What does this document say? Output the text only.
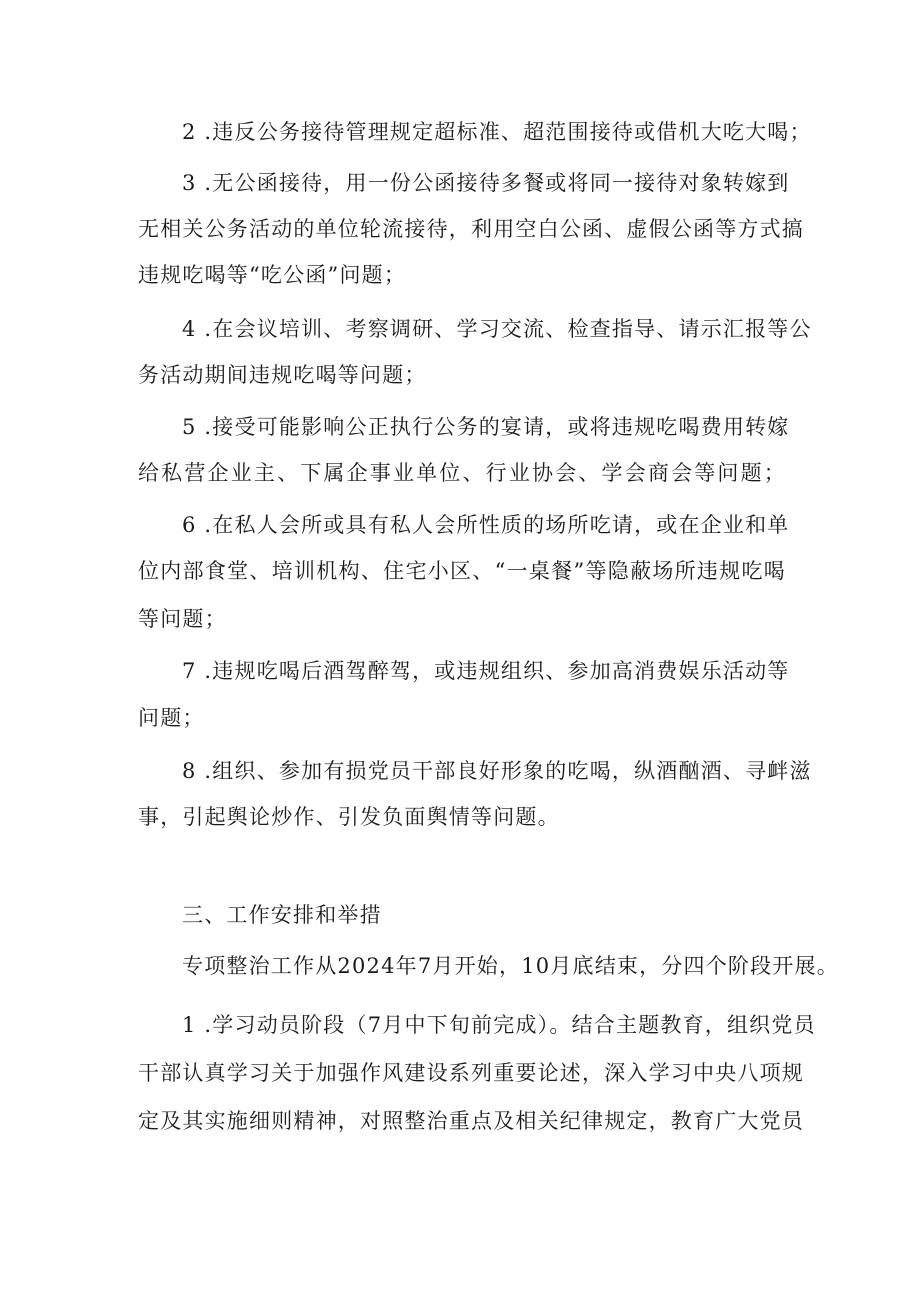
2 .违反公务接待管理规定超标准、超范围接待或借机大吃大喝；
3 .无公函接待，用一份公函接待多餐或将同一接待对象转嫁到
无相关公务活动的单位轮流接待，利用空白公函、虚假公函等方式搞
违规吃喝等“吃公函”问题；
4 .在会议培训、考察调研、学习交流、检查指导、请示汇报等公
务活动期间违规吃喝等问题；
5 .接受可能影响公正执行公务的宴请，或将违规吃喝费用转嫁
给私营企业主、下属企事业单位、行业协会、学会商会等问题；
6 .在私人会所或具有私人会所性质的场所吃请，或在企业和单
位内部食堂、培训机构、住宅小区、“一桌餐”等隐蔽场所违规吃喝
等问题；
7 .违规吃喝后酒驾醉驾，或违规组织、参加高消费娱乐活动等
问题；
8 .组织、参加有损党员干部良好形象的吃喝，纵酒酗酒、寻衅滋
事，引起舆论炒作、引发负面舆情等问题。
三、工作安排和举措
专项整治工作从2024年7月开始，10月底结束，分四个阶段开展。
1 .学习动员阶段（7月中下旬前完成）。结合主题教育，组织党员
干部认真学习关于加强作风建设系列重要论述，深入学习中央八项规
定及其实施细则精神，对照整治重点及相关纪律规定，教育广大党员
